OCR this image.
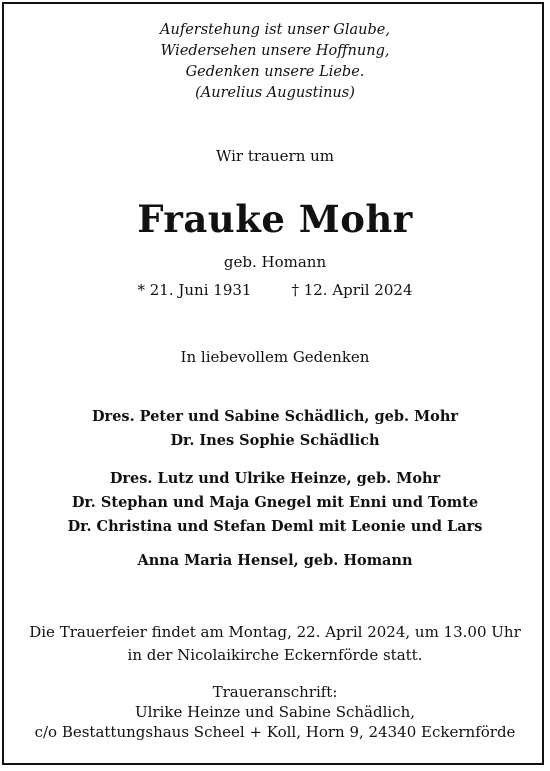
Auferstehung ist unser Glaube,
Wiedersehen unsere Hoffnung,
Gedenken unsere Liebe.
(Aurelius Augustinus)
Wir trauern um
Frauke Mohr
geb. Homann
* 21. Juni 1931	† 12. April 2024
In liebevollem Gedenken
Dres. Peter und Sabine Schädlich, geb. Mohr
Dr. Ines Sophie Schädlich
Dres. Lutz und Ulrike Heinze, geb. Mohr
Dr. Stephan und Maja Gnegel mit Enni und Tomte
Dr. Christina und Stefan Deml mit Leonie und Lars
Anna Maria Hensel, geb. Homann
Die Trauerfeier findet am Montag, 22. April 2024, um 13.00 Uhr
in der Nicolaikirche Eckernförde statt.
Traueranschrift:
Ulrike Heinze und Sabine Schädlich,
c/o Bestattungshaus Scheel + Koll, Horn 9, 24340 Eckernförde
